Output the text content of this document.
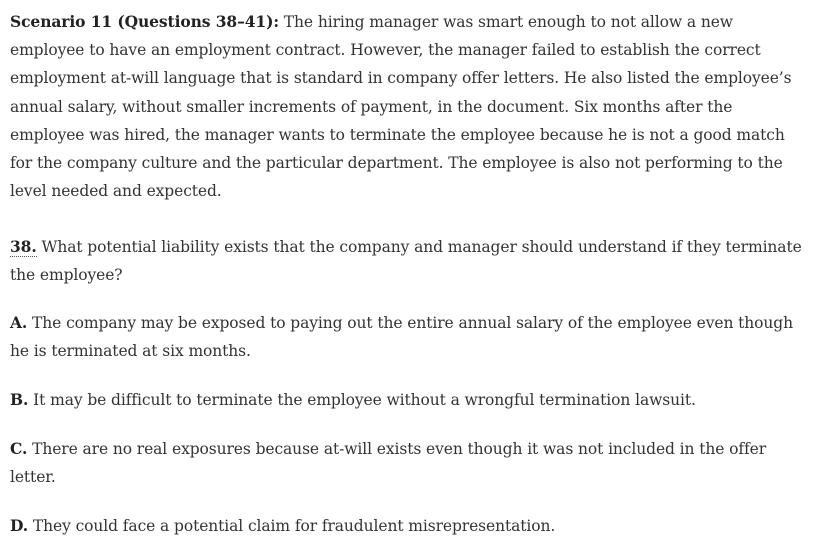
Scenario 11 (Questions 38–41): The hiring manager was smart enough to not allow a new employee to have an employment contract. However, the manager failed to establish the correct employment at-will language that is standard in company offer letters. He also listed the employee’s annual salary, without smaller increments of payment, in the document. Six months after the employee was hired, the manager wants to terminate the employee because he is not a good match for the company culture and the particular department. The employee is also not performing to the level needed and expected.

38. What potential liability exists that the company and manager should understand if they terminate the employee?

A. The company may be exposed to paying out the entire annual salary of the employee even though he is terminated at six months.

B. It may be difficult to terminate the employee without a wrongful termination lawsuit.

C. There are no real exposures because at-will exists even though it was not included in the offer letter.

D. They could face a potential claim for fraudulent misrepresentation.
